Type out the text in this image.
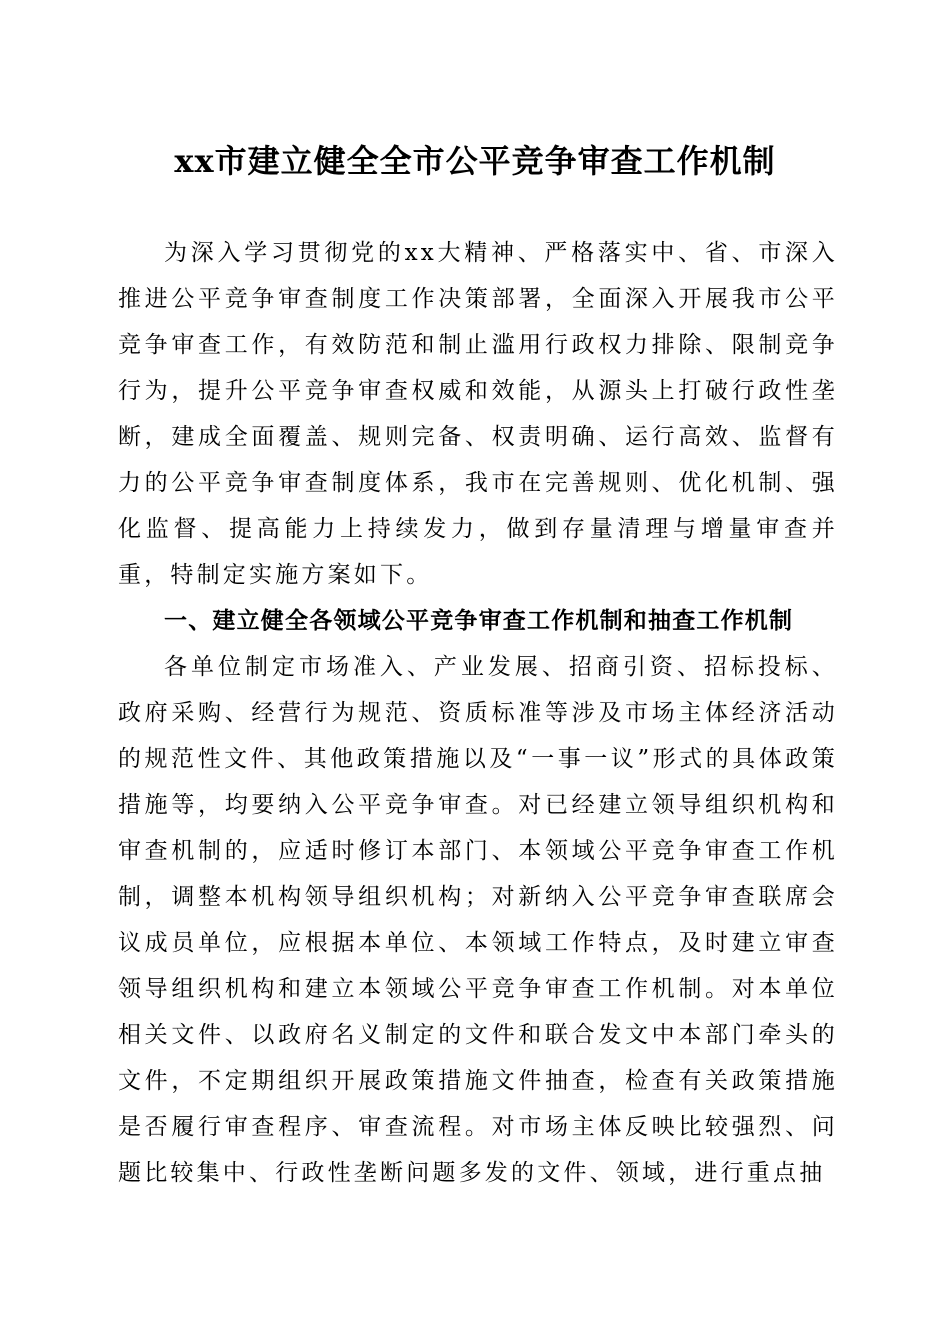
xx市建立健全全市公平竞争审查工作机制

为深入学习贯彻党的xx大精神、严格落实中、省、市深入推进公平竞争审查制度工作决策部署，全面深入开展我市公平竞争审查工作，有效防范和制止滥用行政权力排除、限制竞争行为，提升公平竞争审查权威和效能，从源头上打破行政性垄断，建成全面覆盖、规则完备、权责明确、运行高效、监督有力的公平竞争审查制度体系，我市在完善规则、优化机制、强化监督、提高能力上持续发力，做到存量清理与增量审查并重，特制定实施方案如下。

一、建立健全各领域公平竞争审查工作机制和抽查工作机制

各单位制定市场准入、产业发展、招商引资、招标投标、政府采购、经营行为规范、资质标准等涉及市场主体经济活动的规范性文件、其他政策措施以及“一事一议”形式的具体政策措施等，均要纳入公平竞争审查。对已经建立领导组织机构和审查机制的，应适时修订本部门、本领域公平竞争审查工作机制，调整本机构领导组织机构；对新纳入公平竞争审查联席会议成员单位，应根据本单位、本领域工作特点，及时建立审查领导组织机构和建立本领域公平竞争审查工作机制。对本单位相关文件、以政府名义制定的文件和联合发文中本部门牵头的文件，不定期组织开展政策措施文件抽查，检查有关政策措施是否履行审查程序、审查流程。对市场主体反映比较强烈、问题比较集中、行政性垄断问题多发的文件、领域，进行重点抽
